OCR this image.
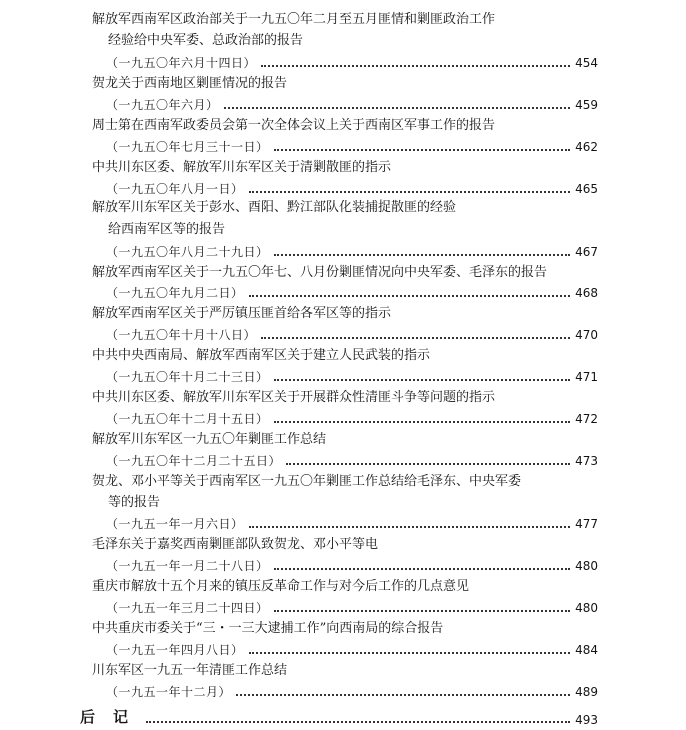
解放军西南军区政治部关于一九五〇年二月至五月匪情和剿匪政治工作
经验给中央军委、总政治部的报告
（一九五〇年六月十四日）	454
贺龙关于西南地区剿匪情况的报告
（一九五〇年六月）	459
周士第在西南军政委员会第一次全体会议上关于西南区军事工作的报告
（一九五〇年七月三十一日）	462
中共川东区委、解放军川东军区关于清剿散匪的指示
（一九五〇年八月一日）	465
解放军川东军区关于彭水、酉阳、黔江部队化装捕捉散匪的经验
给西南军区等的报告
（一九五〇年八月二十九日）	467
解放军西南军区关于一九五〇年七、八月份剿匪情况向中央军委、毛泽东的报告
（一九五〇年九月二日）	468
解放军西南军区关于严厉镇压匪首给各军区等的指示
（一九五〇年十月十八日）	470
中共中央西南局、解放军西南军区关于建立人民武装的指示
（一九五〇年十月二十三日）	471
中共川东区委、解放军川东军区关于开展群众性清匪斗争等问题的指示
（一九五〇年十二月十五日）	472
解放军川东军区一九五〇年剿匪工作总结
（一九五〇年十二月二十五日）	473
贺龙、邓小平等关于西南军区一九五〇年剿匪工作总结给毛泽东、中央军委
等的报告
（一九五一年一月六日）	477
毛泽东关于嘉奖西南剿匪部队致贺龙、邓小平等电
（一九五一年一月二十八日）	480
重庆市解放十五个月来的镇压反革命工作与对今后工作的几点意见
（一九五一年三月二十四日）	480
中共重庆市委关于“三・一三大逮捕工作”向西南局的综合报告
（一九五一年四月八日）	484
川东军区一九五一年清匪工作总结
（一九五一年十二月）	489
后记	493
